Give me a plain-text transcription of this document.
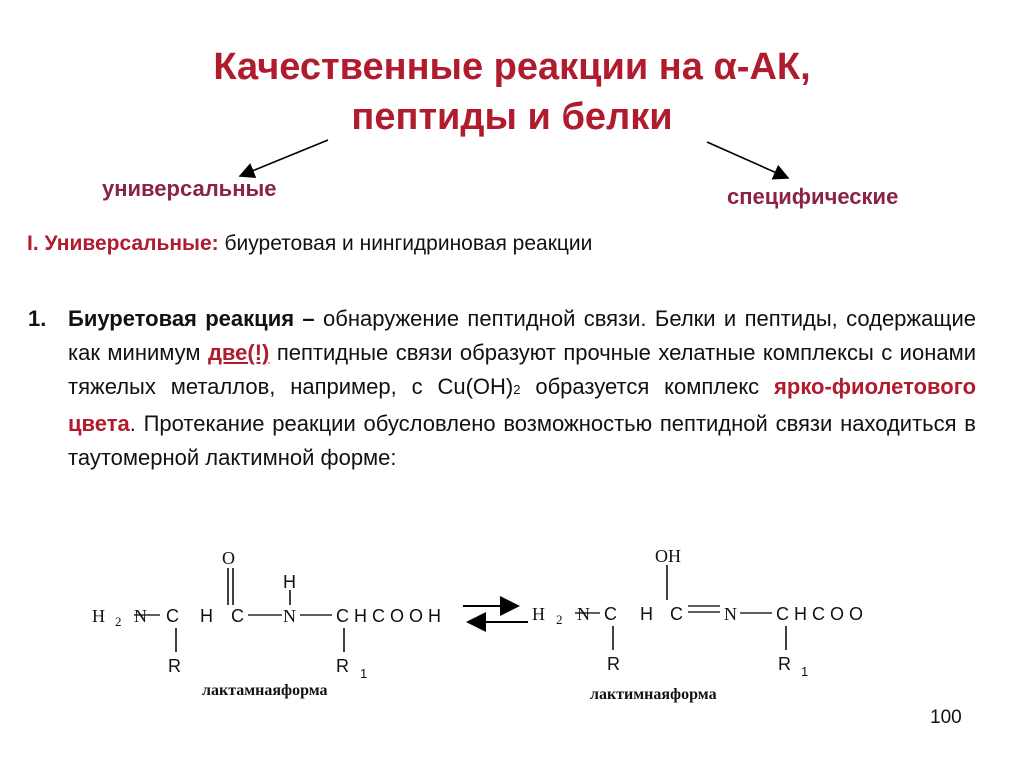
Качественные реакции на α-АК,
пептиды и белки
универсальные	специфические
I. Универсальные: биуретовая и нингидриновая реакции
1. Биуретовая реакция – обнаружение пептидной связи. Белки и пептиды, содержащие как минимум две(!) пептидные связи образуют прочные хелатные комплексы с ионами тяжелых металлов, например, с Cu(OH)2 образуется комплекс ярко-фиолетового цвета. Протекание реакции обусловлено возможностью пептидной связи находиться в таутомерной лактимной форме:
O
H
H 2 N C H C N C H C O O H
R	R 1
лактамнаяформа
OH
H 2 N C H C N C H C O O
R	R 1
лактимнаяформа
100
